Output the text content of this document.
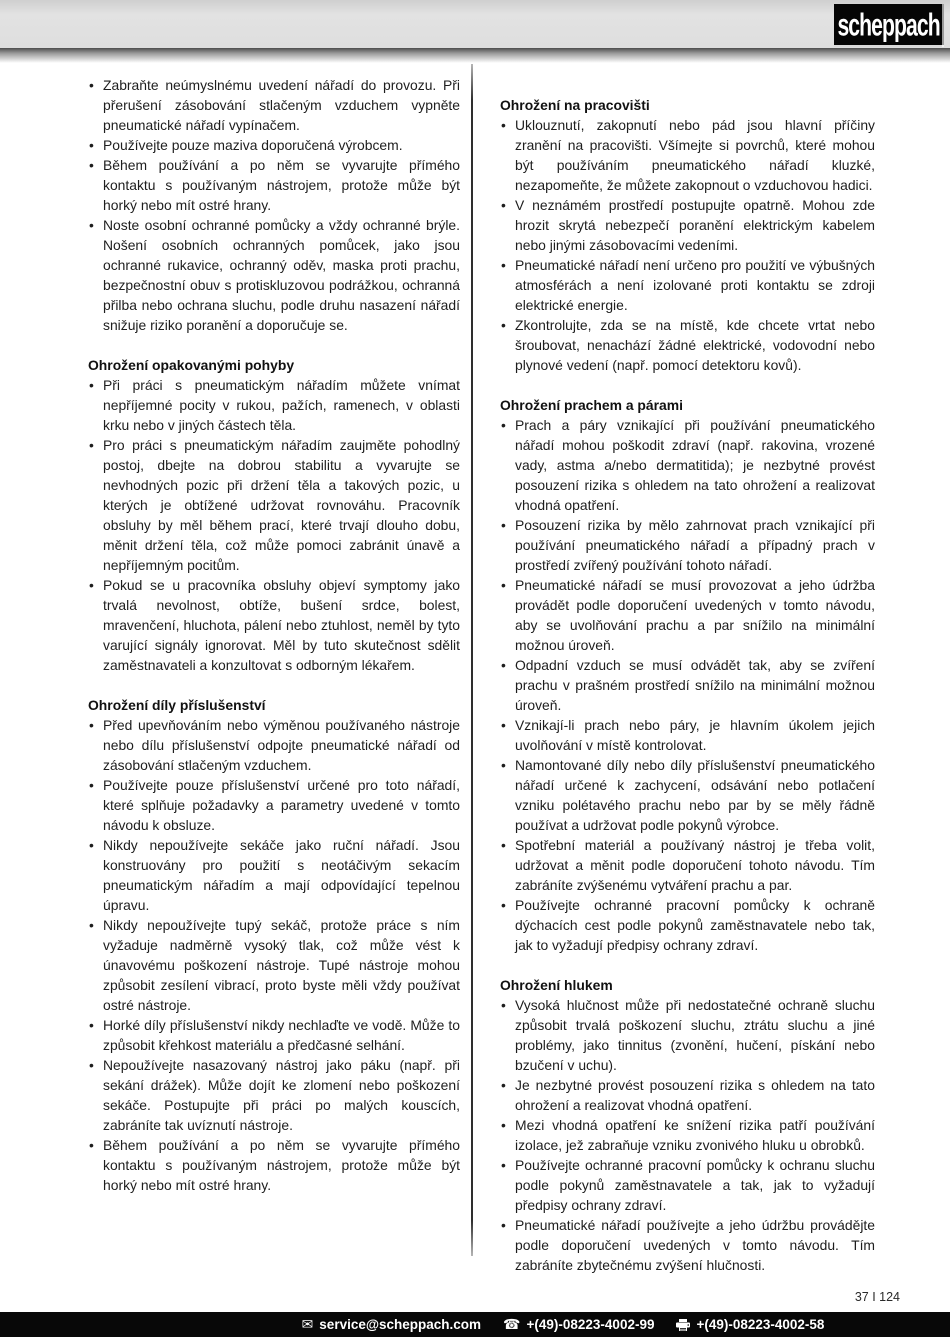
scheppach
• Zabraňte neúmyslnému uvedení nářadí do provozu. Při přerušení zásobování stlačeným vzduchem vypněte pneumatické nářadí vypínačem.
• Používejte pouze maziva doporučená výrobcem.
• Během používání a po něm se vyvarujte přímého kontaktu s používaným nástrojem, protože může být horký nebo mít ostré hrany.
• Noste osobní ochranné pomůcky a vždy ochranné brýle. Nošení osobních ochranných pomůcek, jako jsou ochranné rukavice, ochranný oděv, maska proti prachu, bezpečnostní obuv s protiskluzovou podrážkou, ochranná přilba nebo ochrana sluchu, podle druhu nasazení nářadí snižuje riziko poranění a doporučuje se.
Ohrožení opakovanými pohyby
• Při práci s pneumatickým nářadím můžete vnímat nepříjemné pocity v rukou, pažích, ramenech, v oblasti krku nebo v jiných částech těla.
• Pro práci s pneumatickým nářadím zaujměte pohodlný postoj, dbejte na dobrou stabilitu a vyvarujte se nevhodných pozic při držení těla a takových pozic, u kterých je obtížené udržovat rovnováhu. Pracovník obsluhy by měl během prací, které trvají dlouho dobu, měnit držení těla, což může pomoci zabránit únavě a nepříjemným pocitům.
• Pokud se u pracovníka obsluhy objeví symptomy jako trvalá nevolnost, obtíže, bušení srdce, bolest, mravenčení, hluchota, pálení nebo ztuhlost, neměl by tyto varující signály ignorovat. Měl by tuto skutečnost sdělit zaměstnavateli a konzultovat s odborným lékařem.
Ohrožení díly příslušenství
• Před upevňováním nebo výměnou používaného nástroje nebo dílu příslušenství odpojte pneumatické nářadí od zásobování stlačeným vzduchem.
• Používejte pouze příslušenství určené pro toto nářadí, které splňuje požadavky a parametry uvedené v tomto návodu k obsluze.
• Nikdy nepoužívejte sekáče jako ruční nářadí. Jsou konstruovány pro použití s neotáčivým sekacím pneumatickým nářadím a mají odpovídající tepelnou úpravu.
• Nikdy nepoužívejte tupý sekáč, protože práce s ním vyžaduje nadměrně vysoký tlak, což může vést k únavovému poškození nástroje. Tupé nástroje mohou způsobit zesílení vibrací, proto byste měli vždy používat ostré nástroje.
• Horké díly příslušenství nikdy nechlaďte ve vodě. Může to způsobit křehkost materiálu a předčasné selhání.
• Nepoužívejte nasazovaný nástroj jako páku (např. při sekání drážek). Může dojít ke zlomení nebo poškození sekáče. Postupujte při práci po malých kouscích, zabráníte tak uvíznutí nástroje.
• Během používání a po něm se vyvarujte přímého kontaktu s používaným nástrojem, protože může být horký nebo mít ostré hrany.
Ohrožení na pracovišti
• Uklouznutí, zakopnutí nebo pád jsou hlavní příčiny zranění na pracovišti. Všímejte si povrchů, které mohou být používáním pneumatického nářadí kluzké, nezapomeňte, že můžete zakopnout o vzduchovou hadici.
• V neznámém prostředí postupujte opatrně. Mohou zde hrozit skrytá nebezpečí poranění elektrickým kabelem nebo jinými zásobovacími vedeními.
• Pneumatické nářadí není určeno pro použití ve výbušných atmosférách a není izolované proti kontaktu se zdroji elektrické energie.
• Zkontrolujte, zda se na místě, kde chcete vrtat nebo šroubovat, nenachází žádné elektrické, vodovodní nebo plynové vedení (např. pomocí detektoru kovů).
Ohrožení prachem a párami
• Prach a páry vznikající při používání pneumatického nářadí mohou poškodit zdraví (např. rakovina, vrozené vady, astma a/nebo dermatitida); je nezbytné provést posouzení rizika s ohledem na tato ohrožení a realizovat vhodná opatření.
• Posouzení rizika by mělo zahrnovat prach vznikající při používání pneumatického nářadí a případný prach v prostředí zvířený používání tohoto nářadí.
• Pneumatické nářadí se musí provozovat a jeho údržba provádět podle doporučení uvedených v tomto návodu, aby se uvolňování prachu a par snížilo na minimální možnou úroveň.
• Odpadní vzduch se musí odvádět tak, aby se zvíření prachu v prašném prostředí snížilo na minimální možnou úroveň.
• Vznikají-li prach nebo páry, je hlavním úkolem jejich uvolňování v místě kontrolovat.
• Namontované díly nebo díly příslušenství pneumatického nářadí určené k zachycení, odsávání nebo potlačení vzniku polétavého prachu nebo par by se měly řádně používat a udržovat podle pokynů výrobce.
• Spotřební materiál a používaný nástroj je třeba volit, udržovat a měnit podle doporučení tohoto návodu. Tím zabráníte zvýšenému vytváření prachu a par.
• Používejte ochranné pracovní pomůcky k ochraně dýchacích cest podle pokynů zaměstnavatele nebo tak, jak to vyžadují předpisy ochrany zdraví.
Ohrožení hlukem
• Vysoká hlučnost může při nedostatečné ochraně sluchu způsobit trvalá poškození sluchu, ztrátu sluchu a jiné problémy, jako tinnitus (zvonění, hučení, pískání nebo bzučení v uchu).
• Je nezbytné provést posouzení rizika s ohledem na tato ohrožení a realizovat vhodná opatření.
• Mezi vhodná opatření ke snížení rizika patří používání izolace, jež zabraňuje vzniku zvonivého hluku u obrobků.
• Používejte ochranné pracovní pomůcky k ochranu sluchu podle pokynů zaměstnavatele a tak, jak to vyžadují předpisy ochrany zdraví.
• Pneumatické nářadí používejte a jeho údržbu provádějte podle doporučení uvedených v tomto návodu. Tím zabráníte zbytečnému zvýšení hlučnosti.
37 I 124
✉ service@scheppach.com ☎ +(49)-08223-4002-99	+(49)-08223-4002-58
